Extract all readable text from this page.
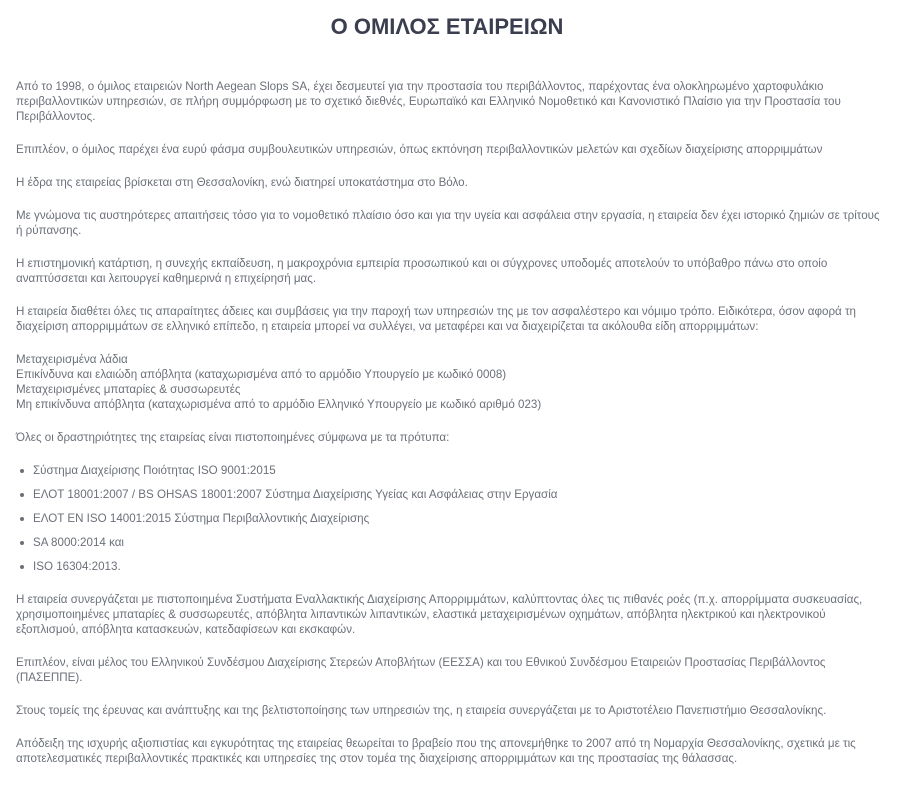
Ο ΟΜΙΛΟΣ ΕΤΑΙΡΕΙΩΝ

Από το 1998, ο όμιλος εταιρειών North Aegean Slops SA, έχει δεσμευτεί για την προστασία του περιβάλλοντος, παρέχοντας ένα ολοκληρωμένο χαρτοφυλάκιο περιβαλλοντικών υπηρεσιών, σε πλήρη συμμόρφωση με το σχετικό διεθνές, Ευρωπαϊκό και Ελληνικό Νομοθετικό και Κανονιστικό Πλαίσιο για την Προστασία του Περιβάλλοντος.

Επιπλέον, ο όμιλος παρέχει ένα ευρύ φάσμα συμβουλευτικών υπηρεσιών, όπως εκπόνηση περιβαλλοντικών μελετών και σχεδίων διαχείρισης απορριμμάτων

Η έδρα της εταιρείας βρίσκεται στη Θεσσαλονίκη, ενώ διατηρεί υποκατάστημα στο Βόλο.

Με γνώμονα τις αυστηρότερες απαιτήσεις τόσο για το νομοθετικό πλαίσιο όσο και για την υγεία και ασφάλεια στην εργασία, η εταιρεία δεν έχει ιστορικό ζημιών σε τρίτους ή ρύπανσης.

Η επιστημονική κατάρτιση, η συνεχής εκπαίδευση, η μακροχρόνια εμπειρία προσωπικού και οι σύγχρονες υποδομές αποτελούν το υπόβαθρο πάνω στο οποίο αναπτύσσεται και λειτουργεί καθημερινά η επιχείρησή μας.

Η εταιρεία διαθέτει όλες τις απαραίτητες άδειες και συμβάσεις για την παροχή των υπηρεσιών της με τον ασφαλέστερο και νόμιμο τρόπο. Ειδικότερα, όσον αφορά τη διαχείριση απορριμμάτων σε ελληνικό επίπεδο, η εταιρεία μπορεί να συλλέγει, να μεταφέρει και να διαχειρίζεται τα ακόλουθα είδη απορριμμάτων:

Μεταχειρισμένα λάδια
Επικίνδυνα και ελαιώδη απόβλητα (καταχωρισμένα από το αρμόδιο Υπουργείο με κωδικό 0008)
Μεταχειρισμένες μπαταρίες & συσσωρευτές
Μη επικίνδυνα απόβλητα (καταχωρισμένα από το αρμόδιο Ελληνικό Υπουργείο με κωδικό αριθμό 023)

Όλες οι δραστηριότητες της εταιρείας είναι πιστοποιημένες σύμφωνα με τα πρότυπα:

Σύστημα Διαχείρισης Ποιότητας ISO 9001:2015
ΕΛΟΤ 18001:2007 / BS OHSAS 18001:2007 Σύστημα Διαχείρισης Υγείας και Ασφάλειας στην Εργασία
ΕΛΟΤ EN ISO 14001:2015 Σύστημα Περιβαλλοντικής Διαχείρισης
SA 8000:2014 και
ISO 16304:2013.

Η εταιρεία συνεργάζεται με πιστοποιημένα Συστήματα Εναλλακτικής Διαχείρισης Απορριμμάτων, καλύπτοντας όλες τις πιθανές ροές (π.χ. απορρίμματα συσκευασίας, χρησιμοποιημένες μπαταρίες & συσσωρευτές, απόβλητα λιπαντικών λιπαντικών, ελαστικά μεταχειρισμένων οχημάτων, απόβλητα ηλεκτρικού και ηλεκτρονικού εξοπλισμού, απόβλητα κατασκευών, κατεδαφίσεων και εκσκαφών.

Επιπλέον, είναι μέλος του Ελληνικού Συνδέσμου Διαχείρισης Στερεών Αποβλήτων (ΕΕΣΣΑ) και του Εθνικού Συνδέσμου Εταιρειών Προστασίας Περιβάλλοντος (ΠΑΣΕΠΠΕ).

Στους τομείς της έρευνας και ανάπτυξης και της βελτιστοποίησης των υπηρεσιών της, η εταιρεία συνεργάζεται με το Αριστοτέλειο Πανεπιστήμιο Θεσσαλονίκης.

Απόδειξη της ισχυρής αξιοπιστίας και εγκυρότητας της εταιρείας θεωρείται το βραβείο που της απονεμήθηκε το 2007 από τη Νομαρχία Θεσσαλονίκης, σχετικά με τις αποτελεσματικές περιβαλλοντικές πρακτικές και υπηρεσίες της στον τομέα της διαχείρισης απορριμμάτων και της προστασίας της θάλασσας.
